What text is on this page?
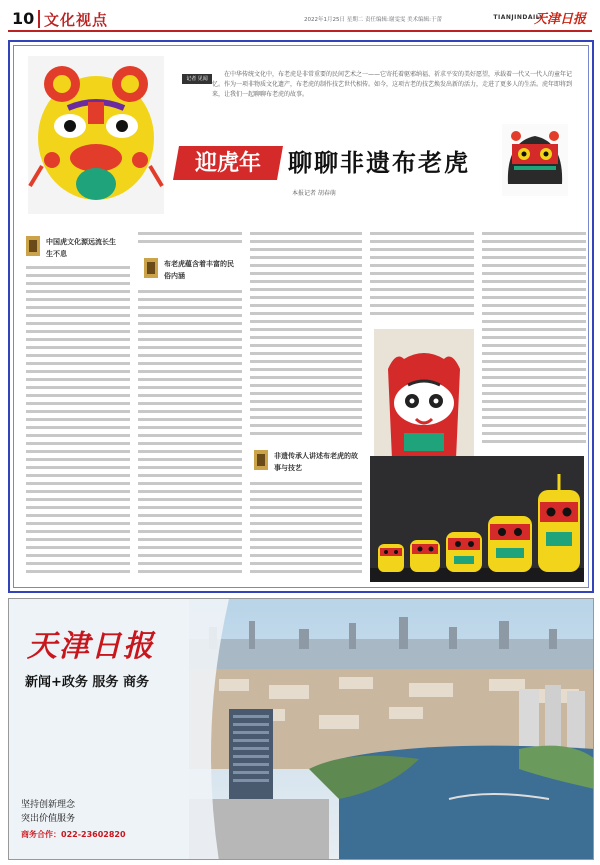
10 文化视点	2022年1月25日 星期二 责任编辑:谢雯雯 美术编辑:于蕾	TIANJINDAILY
天津日报
记者 见闻
在中华传统文化中，布老虎是非常重要的民间艺术之一——它寄托着驱邪纳福、祈求平安的美好愿望，承载着一代又一代人的童年记忆。作为一项非物质文化遗产，布老虎的制作技艺世代相传。如今，这项古老的技艺焕发出新的活力，走进了更多人的生活。虎年即将到来，让我们一起聊聊布老虎的故事。
迎虎年	聊聊非遗布老虎
本报记者 胡春萌
中国虎文化源远流长生生不息
布老虎蕴含着丰富的民俗内涵
非遗传承人讲述布老虎的故事与技艺
天津日报
新闻+政务 服务 商务
坚持创新理念
突出价值服务
商务合作：022-23602820
